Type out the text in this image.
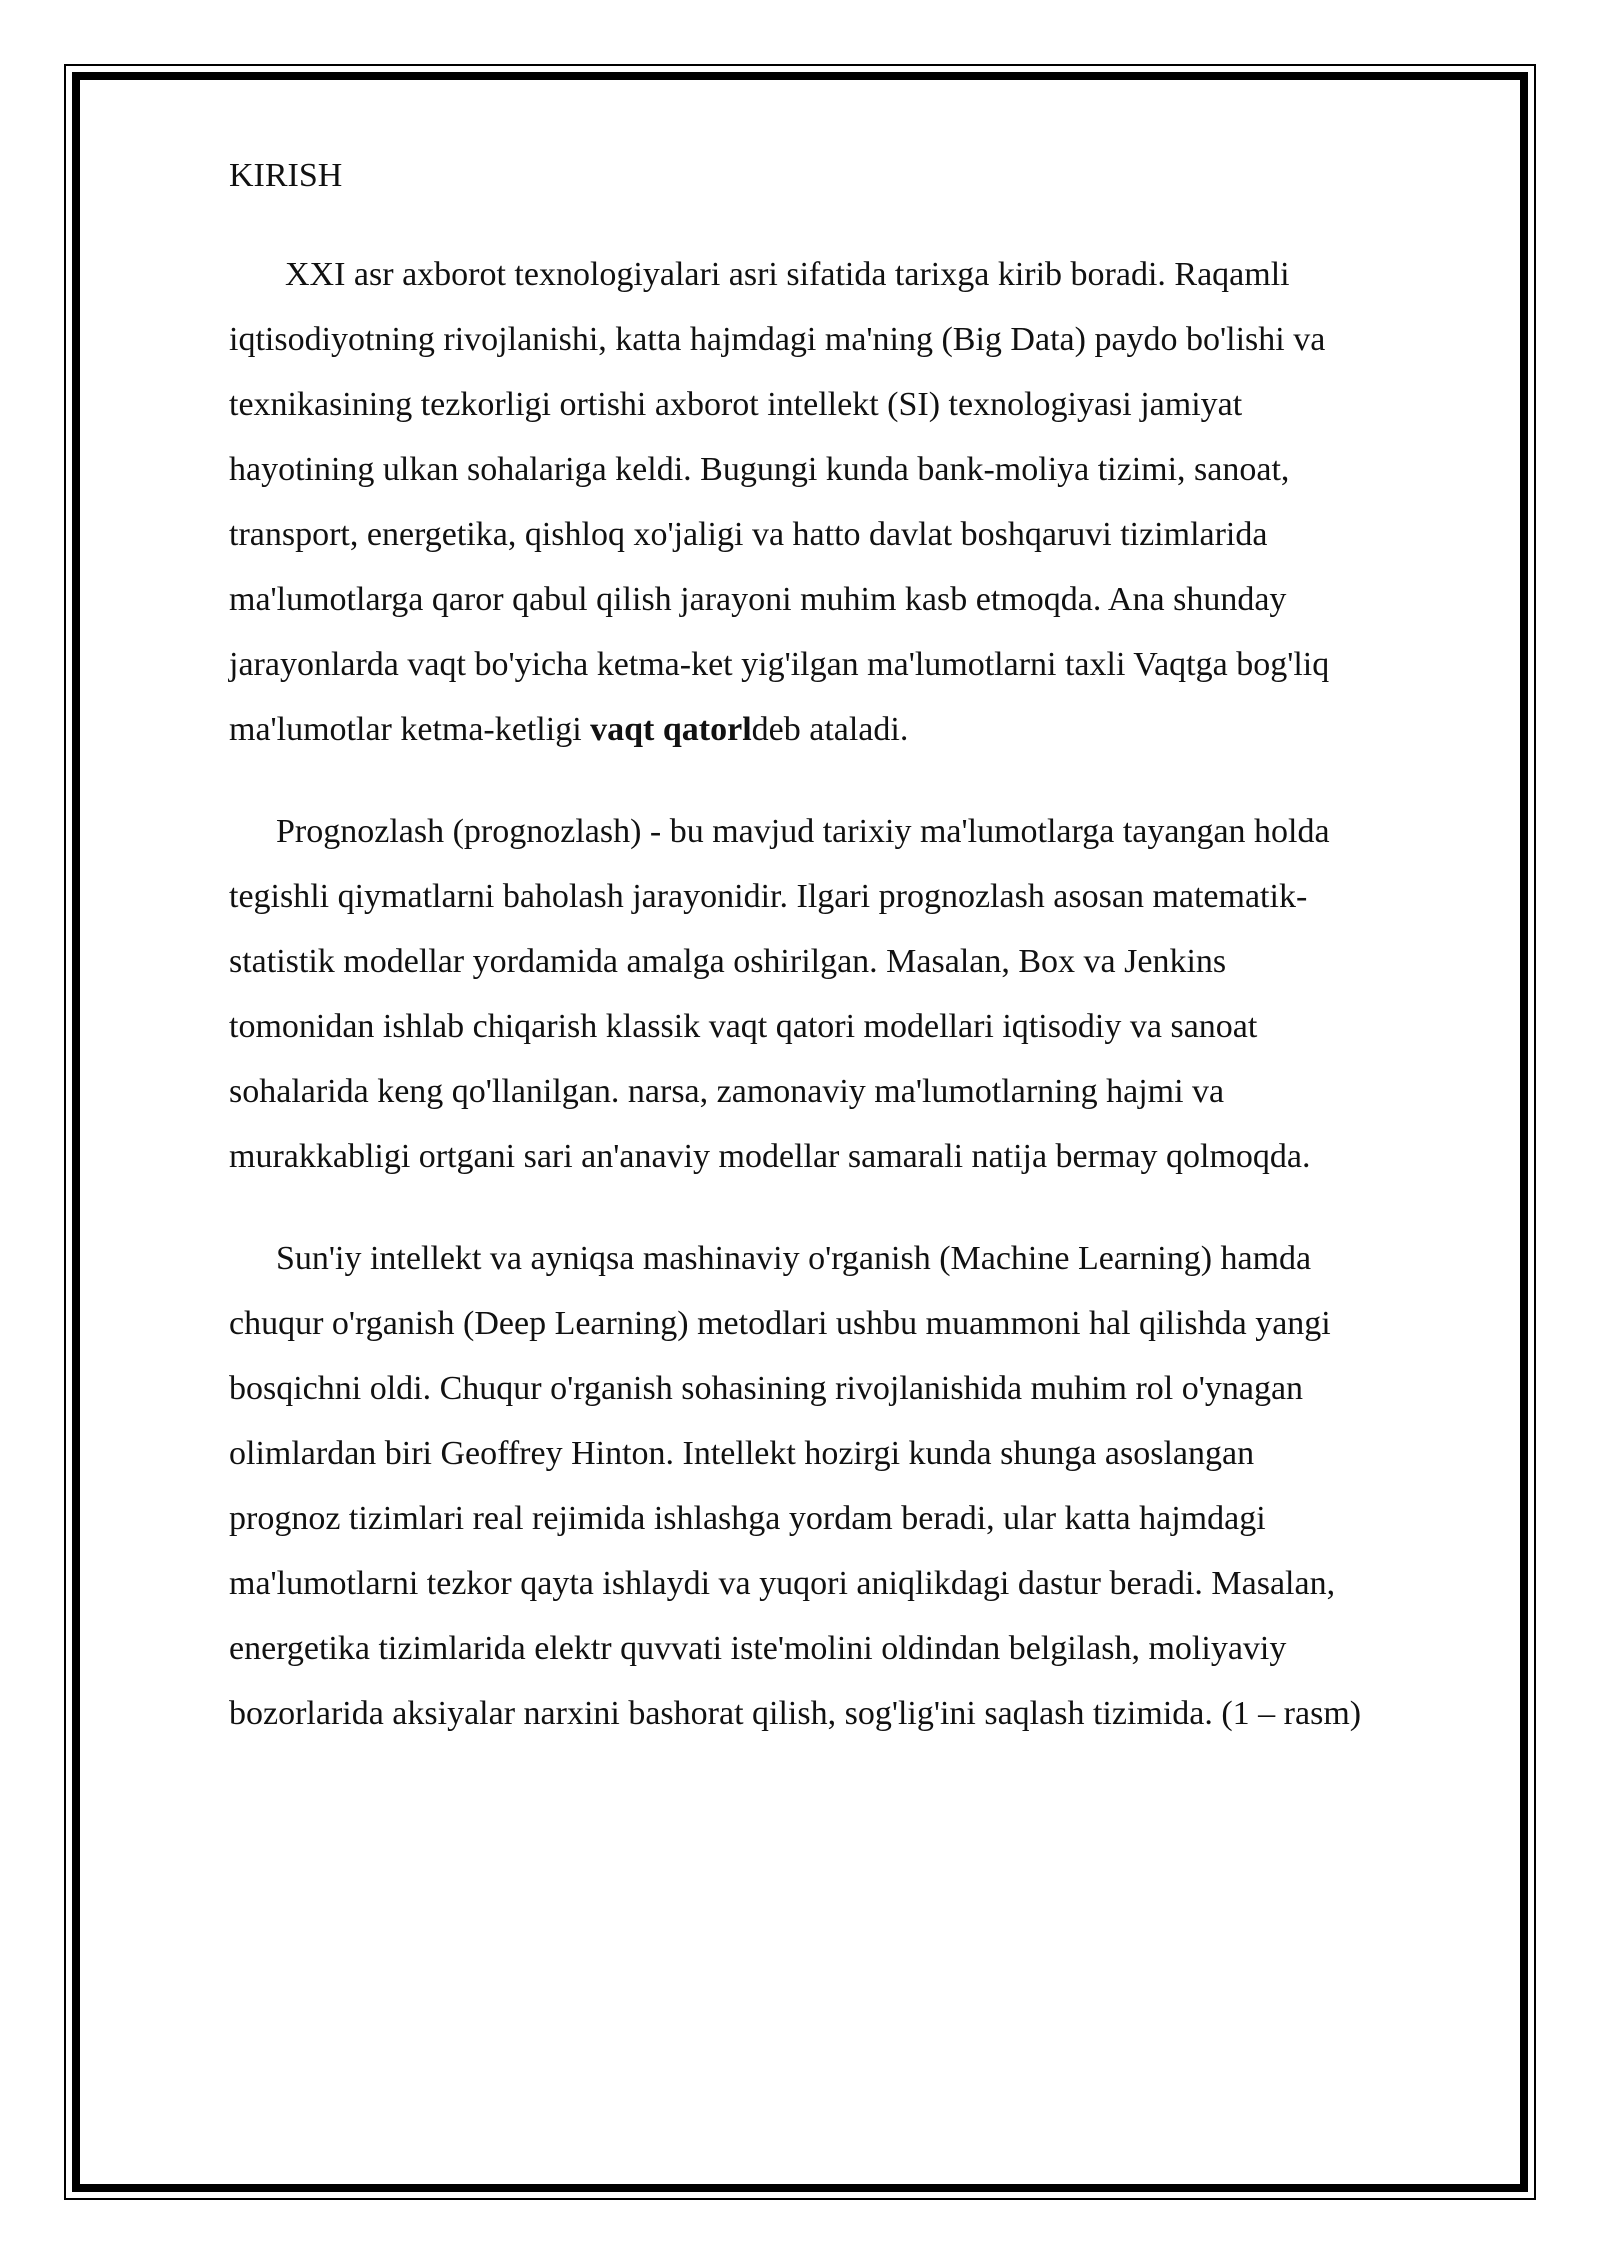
KIRISH

XXI asr axborot texnologiyalari asri sifatida tarixga kirib boradi. Raqamli
iqtisodiyotning rivojlanishi, katta hajmdagi ma'ning (Big Data) paydo bo'lishi va
texnikasining tezkorligi ortishi axborot intellekt (SI) texnologiyasi jamiyat
hayotining ulkan sohalariga keldi. Bugungi kunda bank-moliya tizimi, sanoat,
transport, energetika, qishloq xo'jaligi va hatto davlat boshqaruvi tizimlarida
ma'lumotlarga qaror qabul qilish jarayoni muhim kasb etmoqda. Ana shunday
jarayonlarda vaqt bo'yicha ketma-ket yig'ilgan ma'lumotlarni taxli Vaqtga bog'liq
ma'lumotlar ketma-ketligi vaqt qatorldeb ataladi.

Prognozlash (prognozlash) - bu mavjud tarixiy ma'lumotlarga tayangan holda
tegishli qiymatlarni baholash jarayonidir. Ilgari prognozlash asosan matematik-
statistik modellar yordamida amalga oshirilgan. Masalan, Box va Jenkins
tomonidan ishlab chiqarish klassik vaqt qatori modellari iqtisodiy va sanoat
sohalarida keng qo'llanilgan. narsa, zamonaviy ma'lumotlarning hajmi va
murakkabligi ortgani sari an'anaviy modellar samarali natija bermay qolmoqda.

Sun'iy intellekt va ayniqsa mashinaviy o'rganish (Machine Learning) hamda
chuqur o'rganish (Deep Learning) metodlari ushbu muammoni hal qilishda yangi
bosqichni oldi. Chuqur o'rganish sohasining rivojlanishida muhim rol o'ynagan
olimlardan biri Geoffrey Hinton. Intellekt hozirgi kunda shunga asoslangan
prognoz tizimlari real rejimida ishlashga yordam beradi, ular katta hajmdagi
ma'lumotlarni tezkor qayta ishlaydi va yuqori aniqlikdagi dastur beradi. Masalan,
energetika tizimlarida elektr quvvati iste'molini oldindan belgilash, moliyaviy
bozorlarida aksiyalar narxini bashorat qilish, sog'lig'ini saqlash tizimida. (1 – rasm)
